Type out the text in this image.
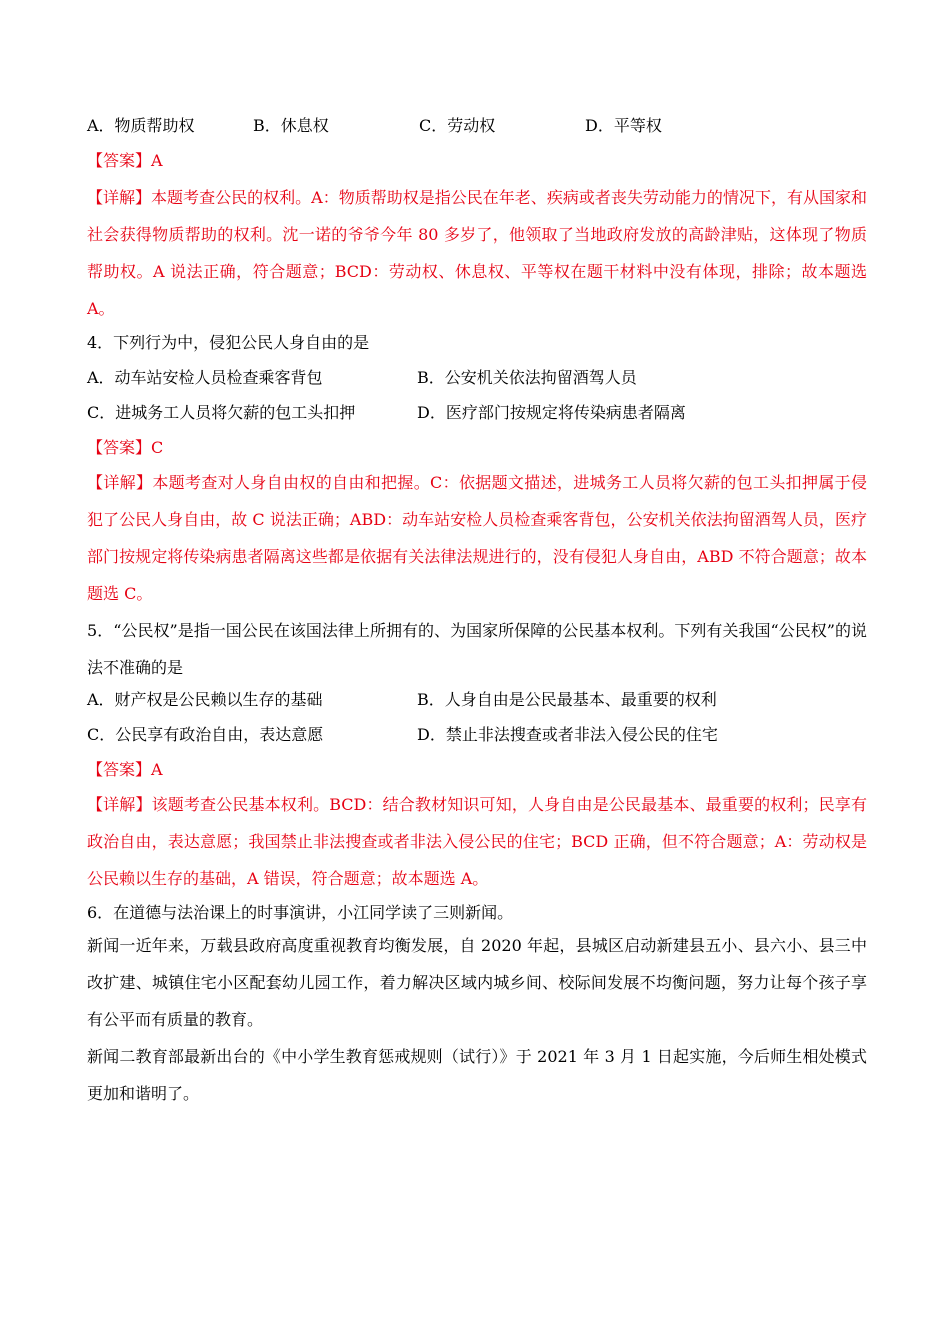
A．物质帮助权	B．休息权	C．劳动权	D．平等权
【答案】A
【详解】本题考查公民的权利。A：物质帮助权是指公民在年老、疾病或者丧失劳动能力的情况下，有从国家和社会获得物质帮助的权利。沈一诺的爷爷今年 80 多岁了，他领取了当地政府发放的高龄津贴，这体现了物质帮助权。A 说法正确，符合题意；BCD：劳动权、休息权、平等权在题干材料中没有体现，排除；故本题选 A。
4．下列行为中，侵犯公民人身自由的是
A．动车站安检人员检查乘客背包	B．公安机关依法拘留酒驾人员
C．进城务工人员将欠薪的包工头扣押	D．医疗部门按规定将传染病患者隔离
【答案】C
【详解】本题考查对人身自由权的自由和把握。C：依据题文描述，进城务工人员将欠薪的包工头扣押属于侵犯了公民人身自由，故 C 说法正确；ABD：动车站安检人员检查乘客背包，公安机关依法拘留酒驾人员，医疗部门按规定将传染病患者隔离这些都是依据有关法律法规进行的，没有侵犯人身自由，ABD 不符合题意；故本题选 C。
5．“公民权”是指一国公民在该国法律上所拥有的、为国家所保障的公民基本权利。下列有关我国“公民权”的说法不准确的是
A．财产权是公民赖以生存的基础	B．人身自由是公民最基本、最重要的权利
C．公民享有政治自由，表达意愿	D．禁止非法搜查或者非法入侵公民的住宅
【答案】A
【详解】该题考查公民基本权利。BCD：结合教材知识可知，人身自由是公民最基本、最重要的权利；民享有政治自由，表达意愿；我国禁止非法搜查或者非法入侵公民的住宅；BCD 正确，但不符合题意；A：劳动权是公民赖以生存的基础，A 错误，符合题意；故本题选 A。
6．在道德与法治课上的时事演讲，小江同学读了三则新闻。
新闻一近年来，万载县政府高度重视教育均衡发展，自 2020 年起，县城区启动新建县五小、县六小、县三中改扩建、城镇住宅小区配套幼儿园工作，着力解决区域内城乡间、校际间发展不均衡问题，努力让每个孩子享有公平而有质量的教育。
新闻二教育部最新出台的《中小学生教育惩戒规则（试行）》于 2021 年 3 月 1 日起实施，今后师生相处模式更加和谐明了。
